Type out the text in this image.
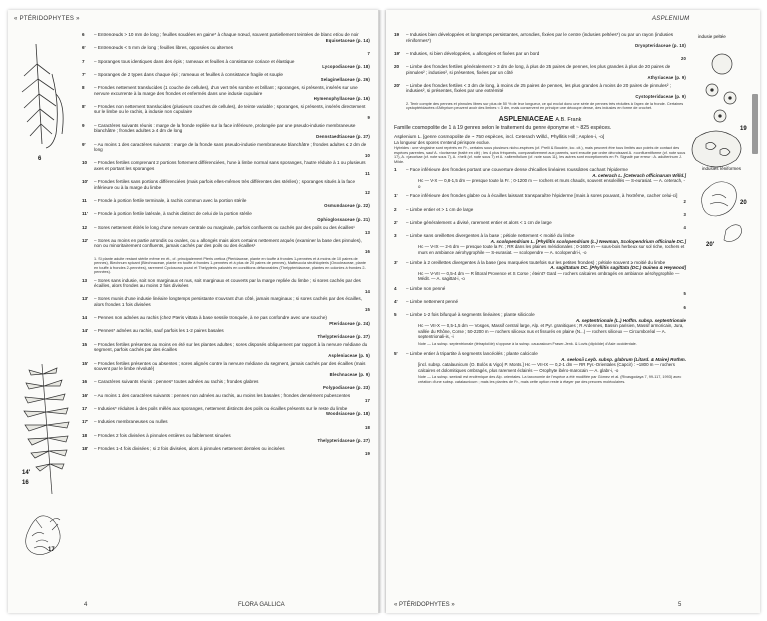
« PTÉRIDOPHYTES »
6
14'
16
17
6	– Entrenœuds > 10 mm de long ; feuilles soudées en gaine* à chaque nœud, souvent partiellement teintées de blanc et/ou de noir
Equisetaceae (p. 14)
6'	– Entrenœuds < 5 mm de long ; feuilles libres, opposées ou alternes
7
7	– Sporanges tous identiques dans des épis ; rameaux et feuilles à consistance coriace et élastique
Lycopodiaceae (p. 18)
7'	– Sporanges de 2 types dans chaque épi ; rameaux et feuilles à consistance fragile et souple
Selaginellaceae (p. 26)
8	– Frondes nettement translucides (1 couche de cellules), d'un vert très sombre et brillant ; sporanges, si présents, insérés sur une nervure excurrente à la marge des frondes et enfermés dans une indusie cupulaire
Hymenophyllaceae (p. 16)
8'	– Frondes non nettement translucides (plusieurs couches de cellules), de teinte variable ; sporanges, si présents, insérés directement sur le limbe ou le rachis, à indusie non cupulaire
9
9	– Caractères suivants réunis : marge de la fronde repliée sur la face inférieure, prolongée par une pseudo-indusie membraneuse blanchâtre ; frondes adultes ≥ 4 dm de long
Dennstaedtiaceae (p. 27)
9'	– Au moins 1 des caractères suivants : marge de la fronde sans pseudo-indusie membraneuse blanchâtre ; frondes adultes ≤ 2 dm de long
10
10	– Frondes fertiles comprenant 2 portions fortement différenciées, l'une à limbe normal sans sporanges, l'autre réduite à 1 ou plusieurs axes et portant les sporanges
11
10'	– Frondes fertiles sans portions différenciées (mais parfois elles-mêmes très différentes des stériles) ; sporanges situés à la face inférieure ou à la marge du limbe
12
11	– Fronde à portion fertile terminale, à rachis commun avec la portion stérile
Osmundaceae (p. 22)
11'	– Fronde à portion fertile latérale, à rachis distinct de celui de la portion stérile
Ophioglossaceae (p. 21)
12	– Sores nettement étirés le long d'une nervure centrale ou marginale, parfois confluents ou cachés par des poils ou des écailles¹
13
12'	– Sores au moins en partie arrondis ou ovales, ou ± allongés mais alors certains nettement arqués (examiner la base des pinnules), non ou minoritairement confluents, jamais cachés par des poils ou des écailles¹
16
1. Si plante adulte restant stérile même en ét., cf. principalement Pteris cretica (Pteridaceae, plante en touffe à frondes 1-pennées et à moins de 10 paires de pennes), Blechnum spicant (Blechnaceae, plante en touffe à frondes 1-pennées et à plus de 20 paires de pennes), Matteuccia struthiopteris (Onocleaceae, plante en touffe à frondes 2-pennées), rarement Cyclosorus pozoi et Thelypteris palustris en conditions défavorables (Thelypteridaceae, plantes en colonies à frondes 2-pennées).
13	– Sores sans indusie, soit non marginaux et nus, soit marginaux et couverts par la marge repliée du limbe ; si sores cachés par des écailles, alors frondes au moins 2 fois divisées
14
13'	– Sores munis d'une indusie linéaire longtemps persistante s'ouvrant d'un côté, jamais marginaux ; si sores cachés par des écailles, alors frondes 1 fois divisées
15
14	– Pennes non adnées au rachis (chez Pteris vittata à base sessile tronquée, à ne pas confondre avec une souche)
Pteridaceae (p. 24)
14'	– Pennes* adnées au rachis, sauf parfois les 1-2 paires basales
Thelypteridaceae (p. 27)
15	– Frondes fertiles présentes au moins en été sur les plantes adultes ; sores disposés obliquement par rapport à la nervure médiane du segment, parfois cachés par des écailles
Aspleniaceae (p. 5)
15'	– Frondes fertiles présentes ou absentes ; sores alignés contre la nervure médiane du segment, jamais cachés par des écailles (mais souvent par le limbe révoluté)
Blechnaceae (p. 9)
16	– Caractères suivants réunis : pennes* toutes adnées au rachis ; frondes glabres
Polypodiaceae (p. 23)
16'	– Au moins 1 des caractères suivants : pennes non adnées au rachis, au moins les basales ; frondes densément pubescentes
17
17	– Indusies* réduites à des poils mêlés aux sporanges, nettement distincts des poils ou écailles présents sur le reste du limbe
Woodsiaceae (p. 18)
17'	– Indusies membraneuses ou nulles
18
18	– Frondes 2 fois divisées à pinnules entières ou faiblement sinuées
Thelypteridaceae (p. 27)
18'	– Frondes 1-4 fois divisées ; si 2 fois divisées, alors à pinnules nettement dentées ou incisées
19
4	FLORA GALLICA
ASPLENIUM
indusie peltée
19
indusies réniformes
20
20'
19	– Indusies bien développées et longtemps persistantes, arrondies, fixées par le centre (indusies peltées*) ou par un rayon (indusies réniformes*)
Dryopteridaceae (p. 10)
19'	– Indusies, si bien développées, ± allongées et fixées par un bord
20
20	– Limbe des frondes fertiles généralement > 3 dm de long, à plus de 25 paires de pennes, les plus grandes à plus de 20 paires de pinnules² ; indusies², si présentes, fixées par un côté
Athyriaceae (p. 9)
20'	– Limbe des frondes fertiles < 3 dm de long, à moins de 25 paires de pennes, les plus grandes à moins de 20 paires de pinnules² ; indusies², si présentes, fixées par une extrémité
Cystopteridaceae (p. 9)
2. Tenir compte des pennes et pinnules libres sur plus de 50 % de leur longueur, ce qui exclut donc une série de pennes très réduites à l'apex de la fronde. Certaines cystoptéridacées d'Athyrium peuvent avoir des limbes < 3 dm, mais conservent en principe une découpe dense, des indusies en forme de crochet.
ASPLENIACEAE A.B. Frank
Famille cosmopolite de 1 à 19 genres selon le traitement du genre éponyme et ~ 825 espèces.
Asplenium L. [genre cosmopolite de ~ 750 espèces, incl. Ceterach Willd., Phyllitis Hill ; Asplen-i, -o]
La longueur des spores s'entend périspore exclue.
Hybrides : une vingtaine sont repérés en Fr., certains sous plusieurs nicho-espèces (cf. Prelli & Boudrie, loc. cit.), mais peuvent être tous limités aux points de contact des espèces parentes, sauf A. ×lovisense (traité en clé) ; les 4 plus fréquents, comparativement aux parents, sont ensuite par ordre décroissant A. ×confluentiforme (cf. note sous 17), A. ×javorkae (cf. note sous 7), A. ×helii (cf. note sous 7) et A. ×alternifolium (cf. note sous 11), les autres sont exceptionnels en Fr. Signalé par erreur : A. adulterinum J. Milde.
1	– Face inférieure des frondes portant une couverture dense d'écailles linéaires roussâtres cachant l'épiderme
A. ceterach L. [Ceterach officinarum Willd.]
Hc — V-X — 0,8-1,5 dm — presque toute la Fr. ; 0-1200 m — rochers et murs chauds, souvent ensoleillés — S-eurasiat. — A. ceterach, -o
1'	– Face inférieure des frondes glabre ou à écailles laissant transparaître l'épiderme [mais à sores pouvant, à l'extrême, cacher celui-ci]
2
2	– Limbe entier et > 1 cm de large
3
2'	– Limbe généralement ± divisé, rarement entier et alors < 1 cm de large
4
3	– Limbe sans oreillettes divergentes à la base ; pétiole nettement < moitié du limbe
A. scolopendrium L. [Phyllitis scolopendrium (L.) Newman, Scolopendrium officinale DC.]
Hc — V-IX — 2-6 dm — presque toute la Fr. ; RR dans les plaines méridionales ; 0-1600 m — sous-bois herbeux sur sol riche, rochers et murs en ambiance aérohygrophile — S-eurasiat. — scolopendre — A. scolopendri-i, -o
3'	– Limbe à 2 oreillettes divergentes à la base (peu marquées toutefois sur les petites frondes) ; pétiole souvent ≥ moitié du limbe
A. sagittatum DC. [Phyllitis sagittata (DC.) Guinea & Heywood]
Hc — V-VII — 0,5-4 dm — R littoral Provence et S Corse ; éteint? Gard — rochers calcaires ombragés en ambiance aérohygrophile — Médit. — A. sagittat-i, -o
4	– Limbe non penné
5
4'	– Limbe nettement penné
6
5	– Limbe 1-2 fois bifurqué à segments linéaires ; plante silicicole
A. septentrionale (L.) Hoffm. subsp. septentrionale
Hc — VII-X — 0,5-1,5 dm — Vosges, Massif central large, Alp. et Pyr. granitiques ; R Ardennes, Bassin parisien, Massif armoricain, Jura, vallée du Rhône, Corse ; 50-2200 m — rochers siliceux nus et fissurés en plaine (N...) — rochers siliceux — Circumboréal — A. septentrionali-is, -i
Note — La subsp. septentrionale (tétraploïde) s'oppose à la subsp. caucasicum Fraser-Jenk. & Lovis (diploïde) d'Asie occidentale.
5'	– Limbe entier à tripartite à segments lancéolés ; plante calcicole
A. seelosii Leyb. subsp. glabrum (Litard. & Maire) Rothm.
[incl. subsp. catalaunicum (O. Bolòs & Vigo) P. Monts.] Hc — VII-IX — 0,2-1 dm — RR Pyr.-Orientales (Capcir) : ~1800 m — rochers calcaires et dolomitiques ombragés, plus rarement éclairés — Orophyte ibéro-marocain — A. glabr-i, -o
Note — La subsp. seelosii est endémique des Alp. orientales. La taxonomie de l'espèce a été modifiée par Gómez et al. (Rivasgodaya 7, 99-117, 1993) avec création d'une subsp. catalaunicum ; mais les plantes de Fr., mais cette option reste à étayer par des preuves moléculaires.
« PTÉRIDOPHYTES »	5
